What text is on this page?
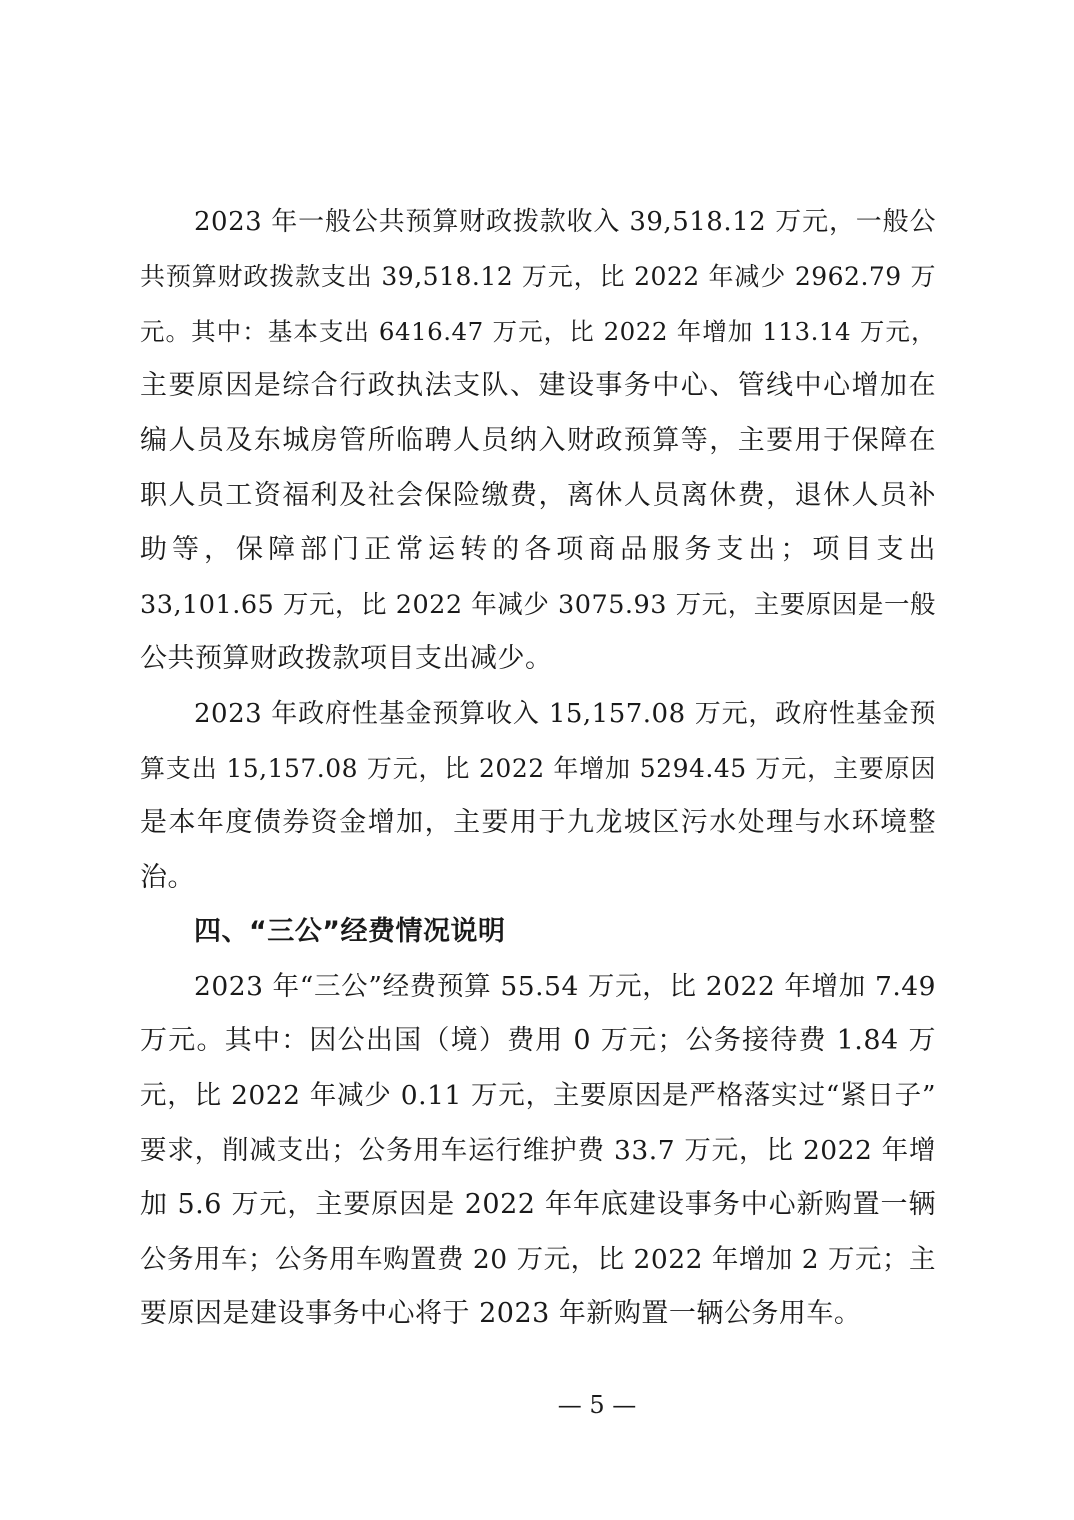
2023 年一般公共预算财政拨款收入 39,518.12 万元，一般公
共预算财政拨款支出 39,518.12 万元，比 2022 年减少 2962.79 万
元。其中：基本支出 6416.47 万元，比 2022 年增加 113.14 万元，
主要原因是综合行政执法支队、建设事务中心、管线中心增加在
编人员及东城房管所临聘人员纳入财政预算等，主要用于保障在
职人员工资福利及社会保险缴费，离休人员离休费，退休人员补
助等，保障部门正常运转的各项商品服务支出；项目支出
33,101.65 万元，比 2022 年减少 3075.93 万元，主要原因是一般
公共预算财政拨款项目支出减少。
2023 年政府性基金预算收入 15,157.08 万元，政府性基金预
算支出 15,157.08 万元，比 2022 年增加 5294.45 万元，主要原因
是本年度债券资金增加，主要用于九龙坡区污水处理与水环境整
治。
四、“三公”经费情况说明
2023 年“三公”经费预算 55.54 万元，比 2022 年增加 7.49
万元。其中：因公出国（境）费用 0 万元；公务接待费 1.84 万
元，比 2022 年减少 0.11 万元，主要原因是严格落实过“紧日子”
要求，削减支出；公务用车运行维护费 33.7 万元，比 2022 年增
加 5.6 万元，主要原因是 2022 年年底建设事务中心新购置一辆
公务用车；公务用车购置费 20 万元，比 2022 年增加 2 万元；主
要原因是建设事务中心将于 2023 年新购置一辆公务用车。
— 5 —
